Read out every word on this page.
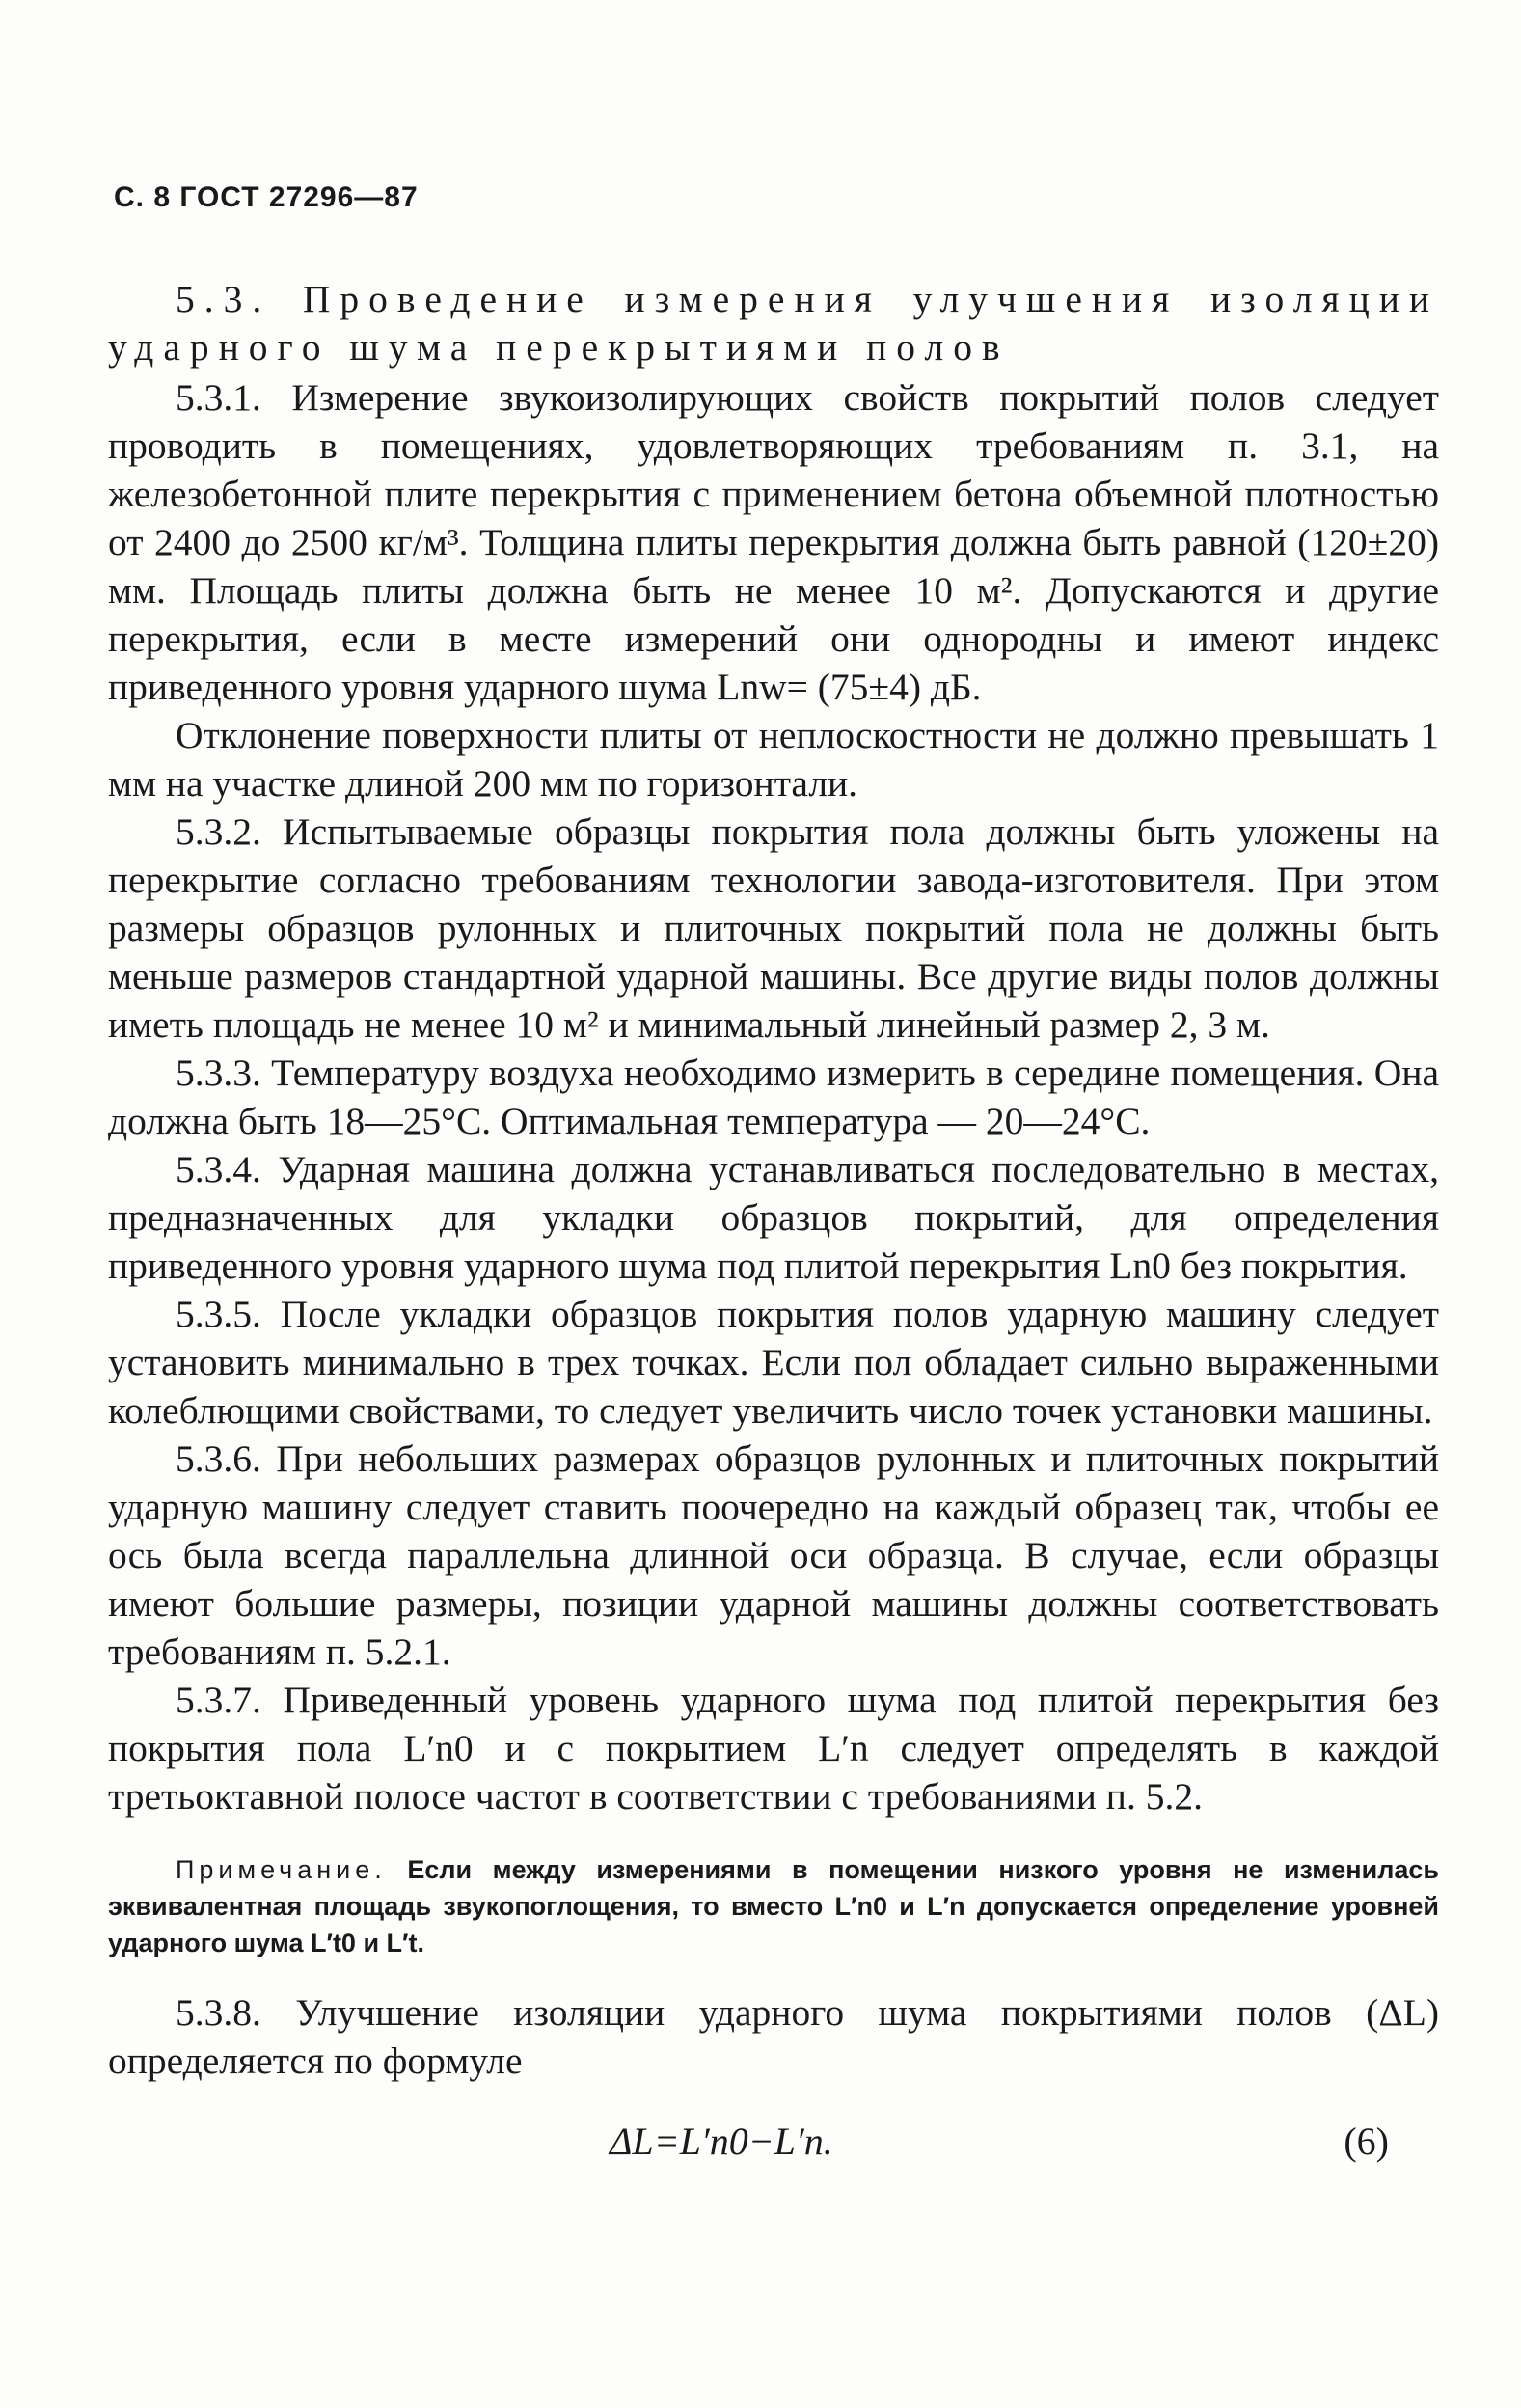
С. 8 ГОСТ 27296—87

5.3. Проведение измерения улучшения изоляции ударного шума перекрытиями полов

5.3.1. Измерение звукоизолирующих свойств покрытий полов следует проводить в помещениях, удовлетворяющих требованиям п. 3.1, на железобетонной плите перекрытия с применением бетона объемной плотностью от 2400 до 2500 кг/м³. Толщина плиты перекрытия должна быть равной (120±20) мм. Площадь плиты должна быть не менее 10 м². Допускаются и другие перекрытия, если в месте измерений они однородны и имеют индекс приведенного уровня ударного шума Lnw= (75±4) дБ.

Отклонение поверхности плиты от неплоскостности не должно превышать 1 мм на участке длиной 200 мм по горизонтали.

5.3.2. Испытываемые образцы покрытия пола должны быть уложены на перекрытие согласно требованиям технологии завода-изготовителя. При этом размеры образцов рулонных и плиточных покрытий пола не должны быть меньше размеров стандартной ударной машины. Все другие виды полов должны иметь площадь не менее 10 м² и минимальный линейный размер 2, 3 м.

5.3.3. Температуру воздуха необходимо измерить в середине помещения. Она должна быть 18—25°С. Оптимальная температура — 20—24°С.

5.3.4. Ударная машина должна устанавливаться последовательно в местах, предназначенных для укладки образцов покрытий, для определения приведенного уровня ударного шума под плитой перекрытия Ln0 без покрытия.

5.3.5. После укладки образцов покрытия полов ударную машину следует установить минимально в трех точках. Если пол обладает сильно выраженными колеблющими свойствами, то следует увеличить число точек установки машины.

5.3.6. При небольших размерах образцов рулонных и плиточных покрытий ударную машину следует ставить поочередно на каждый образец так, чтобы ее ось была всегда параллельна длинной оси образца. В случае, если образцы имеют большие размеры, позиции ударной машины должны соответствовать требованиям п. 5.2.1.

5.3.7. Приведенный уровень ударного шума под плитой перекрытия без покрытия пола L′n0 и с покрытием L′n следует определять в каждой третьоктавной полосе частот в соответствии с требованиями п. 5.2.

Примечание. Если между измерениями в помещении низкого уровня не изменилась эквивалентная площадь звукопоглощения, то вместо L′n0 и L′n допускается определение уровней ударного шума L′t0 и L′t.

5.3.8. Улучшение изоляции ударного шума покрытиями полов (ΔL) определяется по формуле

ΔL=L′n0−L′n.	(6)
